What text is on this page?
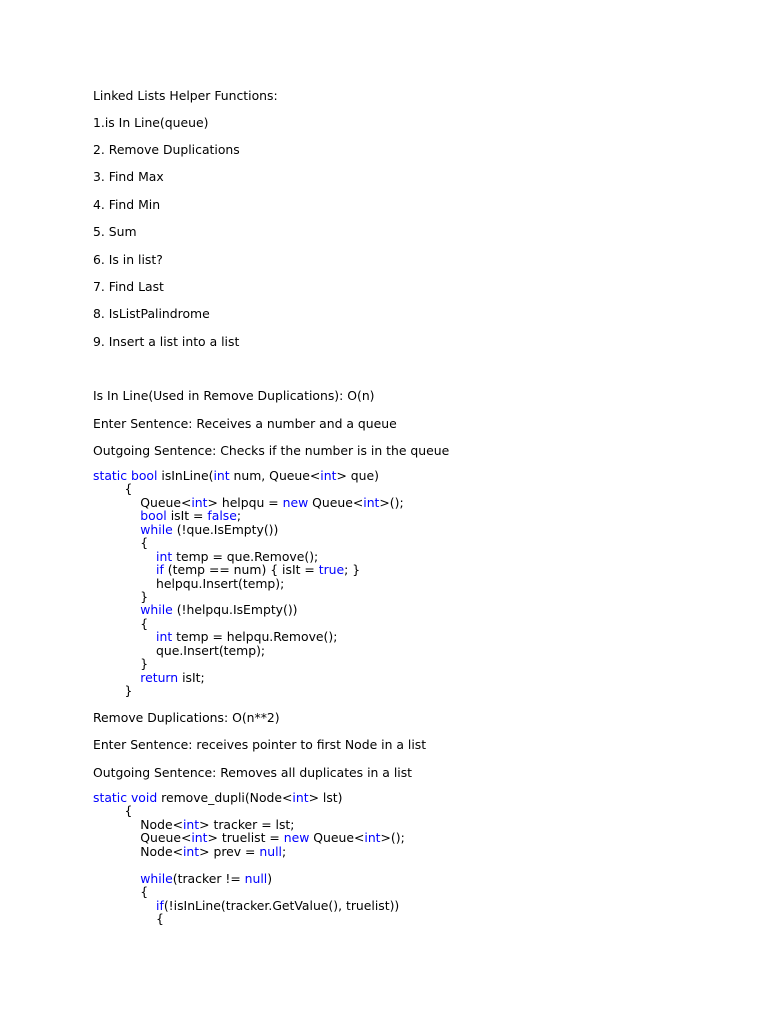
Linked Lists Helper Functions:
1.is In Line(queue)
2. Remove Duplications
3. Find Max
4. Find Min
5. Sum
6. Is in list?
7. Find Last
8. IsListPalindrome
9. Insert a list into a list
Is In Line(Used in Remove Duplications): O(n)
Enter Sentence: Receives a number and a queue
Outgoing Sentence: Checks if the number is in the queue
static bool isInLine(int num, Queue<int> que)
{
Queue<int> helpqu = new Queue<int>();
bool isIt = false;
while (!que.IsEmpty())
{
int temp = que.Remove();
if (temp == num) { isIt = true; }
helpqu.Insert(temp);
}
while (!helpqu.IsEmpty())
{
int temp = helpqu.Remove();
que.Insert(temp);
}
return isIt;
}
Remove Duplications: O(n**2)
Enter Sentence: receives pointer to first Node in a list
Outgoing Sentence: Removes all duplicates in a list
static void remove_dupli(Node<int> lst)
{
Node<int> tracker = lst;
Queue<int> truelist = new Queue<int>();
Node<int> prev = null;
while(tracker != null)
{
if(!isInLine(tracker.GetValue(), truelist))
{
